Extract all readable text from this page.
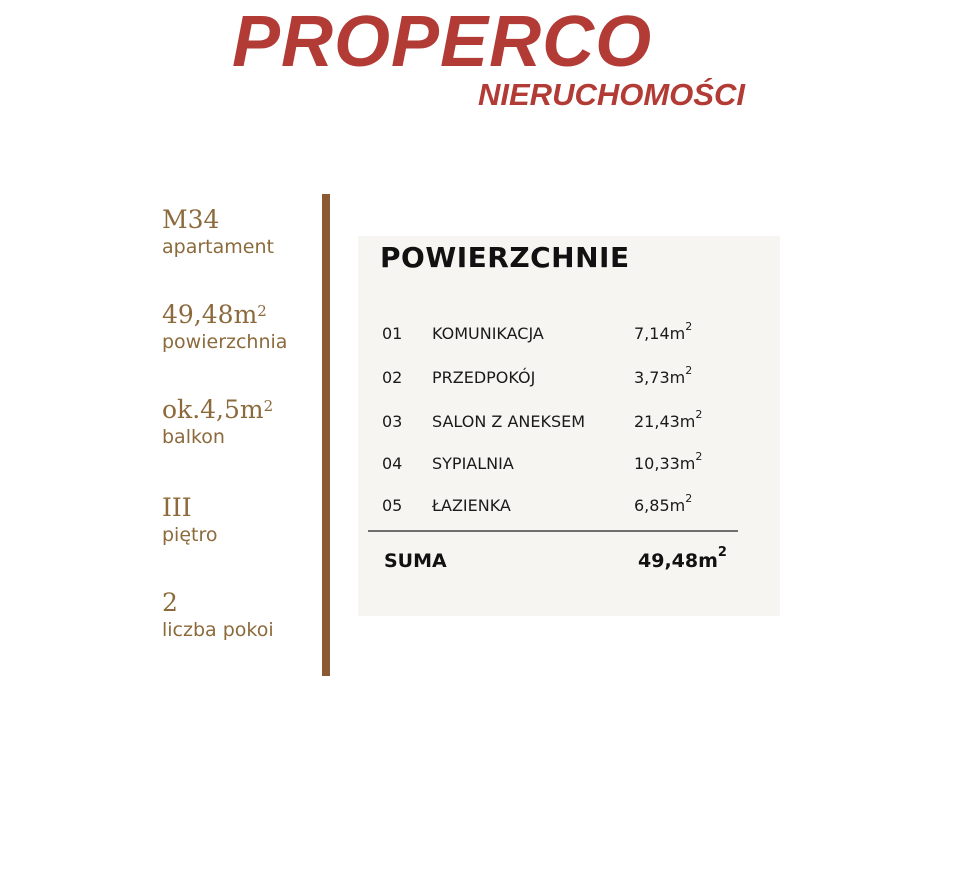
PROPERCO
NIERUCHOMOŚCI
M34
apartament
$49,48m^2$
powierzchnia
$ok.4,5m^2$
balkon
III
piętro
2
liczba pokoi
POWIERZCHNIE
01 KOMUNIKACJA	$7,14m^2$
02 PRZEDPOKÓJ	$3,73m^2$
03 SALON Z ANEKSEM	$21,43m^2$
04 SYPIALNIA	$10,33m^2$
05 ŁAZIENKA	$6,85m^2$
SUMA	$49,48m^2$
